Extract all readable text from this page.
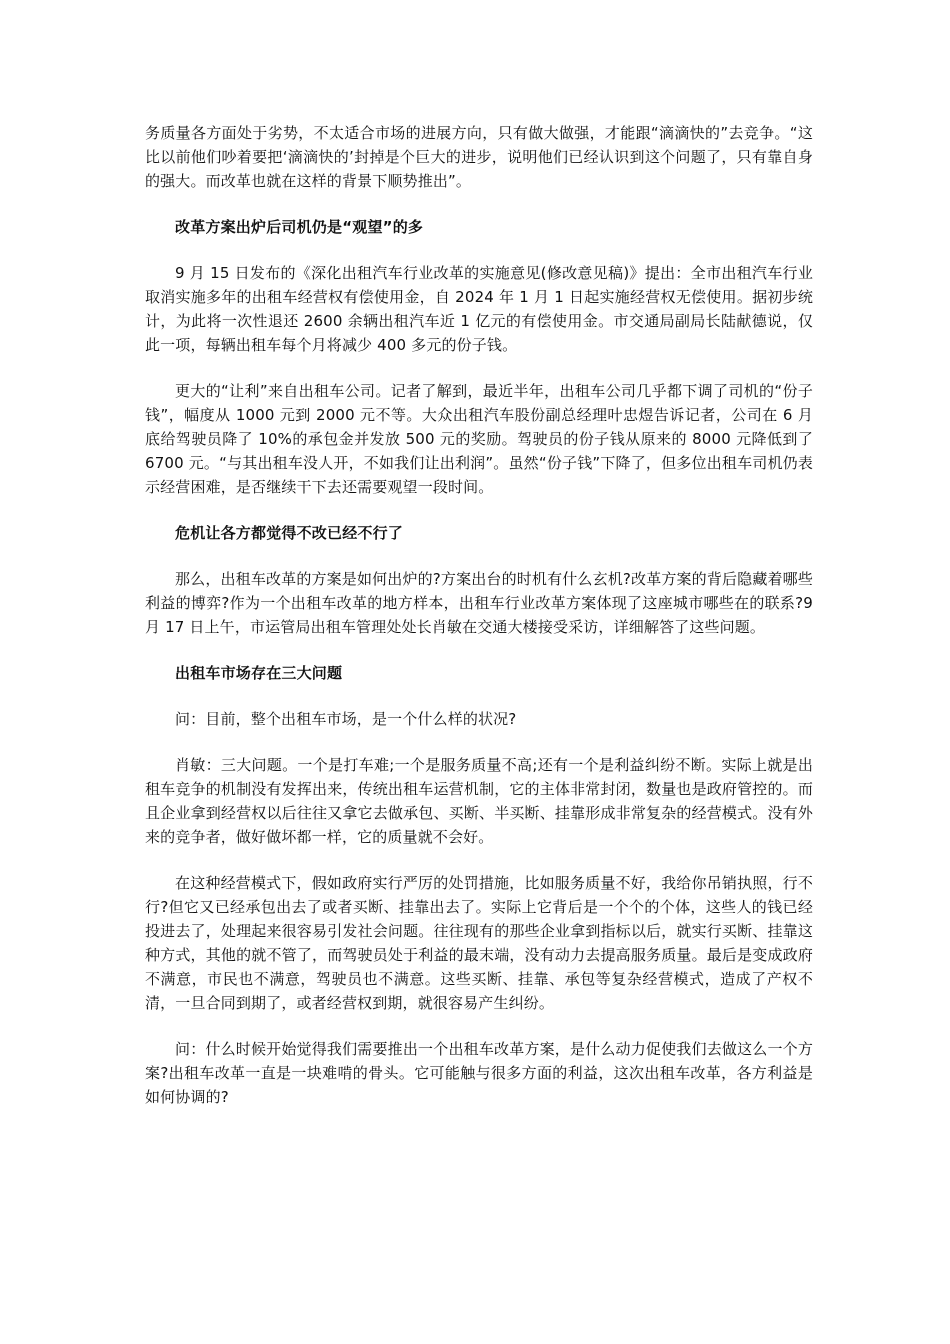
务质量各方面处于劣势，不太适合市场的进展方向，只有做大做强，才能跟“滴滴快的”去竞争。“这比以前他们吵着要把‘滴滴快的’封掉是个巨大的进步，说明他们已经认识到这个问题了，只有靠自身的强大。而改革也就在这样的背景下顺势推出”。

改革方案出炉后司机仍是“观望”的多

9 月 15 日发布的《深化出租汽车行业改革的实施意见(修改意见稿)》提出：全市出租汽车行业取消实施多年的出租车经营权有偿使用金，自 2024 年 1 月 1 日起实施经营权无偿使用。据初步统计，为此将一次性退还 2600 余辆出租汽车近 1 亿元的有偿使用金。市交通局副局长陆献德说，仅此一项，每辆出租车每个月将减少 400 多元的份子钱。

更大的“让利”来自出租车公司。记者了解到，最近半年，出租车公司几乎都下调了司机的“份子钱”，幅度从 1000 元到 2000 元不等。大众出租汽车股份副总经理叶忠煜告诉记者，公司在 6 月底给驾驶员降了 10%的承包金并发放 500 元的奖励。驾驶员的份子钱从原来的 8000 元降低到了 6700 元。“与其出租车没人开，不如我们让出利润”。虽然“份子钱”下降了，但多位出租车司机仍表示经营困难，是否继续干下去还需要观望一段时间。

危机让各方都觉得不改已经不行了

那么，出租车改革的方案是如何出炉的?方案出台的时机有什么玄机?改革方案的背后隐藏着哪些利益的博弈?作为一个出租车改革的地方样本，出租车行业改革方案体现了这座城市哪些在的联系?9 月 17 日上午，市运管局出租车管理处处长肖敏在交通大楼接受采访，详细解答了这些问题。

出租车市场存在三大问题

问：目前，整个出租车市场，是一个什么样的状况?

肖敏：三大问题。一个是打车难;一个是服务质量不高;还有一个是利益纠纷不断。实际上就是出租车竞争的机制没有发挥出来，传统出租车运营机制，它的主体非常封闭，数量也是政府管控的。而且企业拿到经营权以后往往又拿它去做承包、买断、半买断、挂靠形成非常复杂的经营模式。没有外来的竞争者，做好做坏都一样，它的质量就不会好。

在这种经营模式下，假如政府实行严厉的处罚措施，比如服务质量不好，我给你吊销执照，行不行?但它又已经承包出去了或者买断、挂靠出去了。实际上它背后是一个个的个体，这些人的钱已经投进去了，处理起来很容易引发社会问题。往往现有的那些企业拿到指标以后，就实行买断、挂靠这种方式，其他的就不管了，而驾驶员处于利益的最末端，没有动力去提高服务质量。最后是变成政府不满意，市民也不满意，驾驶员也不满意。这些买断、挂靠、承包等复杂经营模式，造成了产权不清，一旦合同到期了，或者经营权到期，就很容易产生纠纷。

问：什么时候开始觉得我们需要推出一个出租车改革方案，是什么动力促使我们去做这么一个方案?出租车改革一直是一块难啃的骨头。它可能触与很多方面的利益，这次出租车改革，各方利益是如何协调的?
